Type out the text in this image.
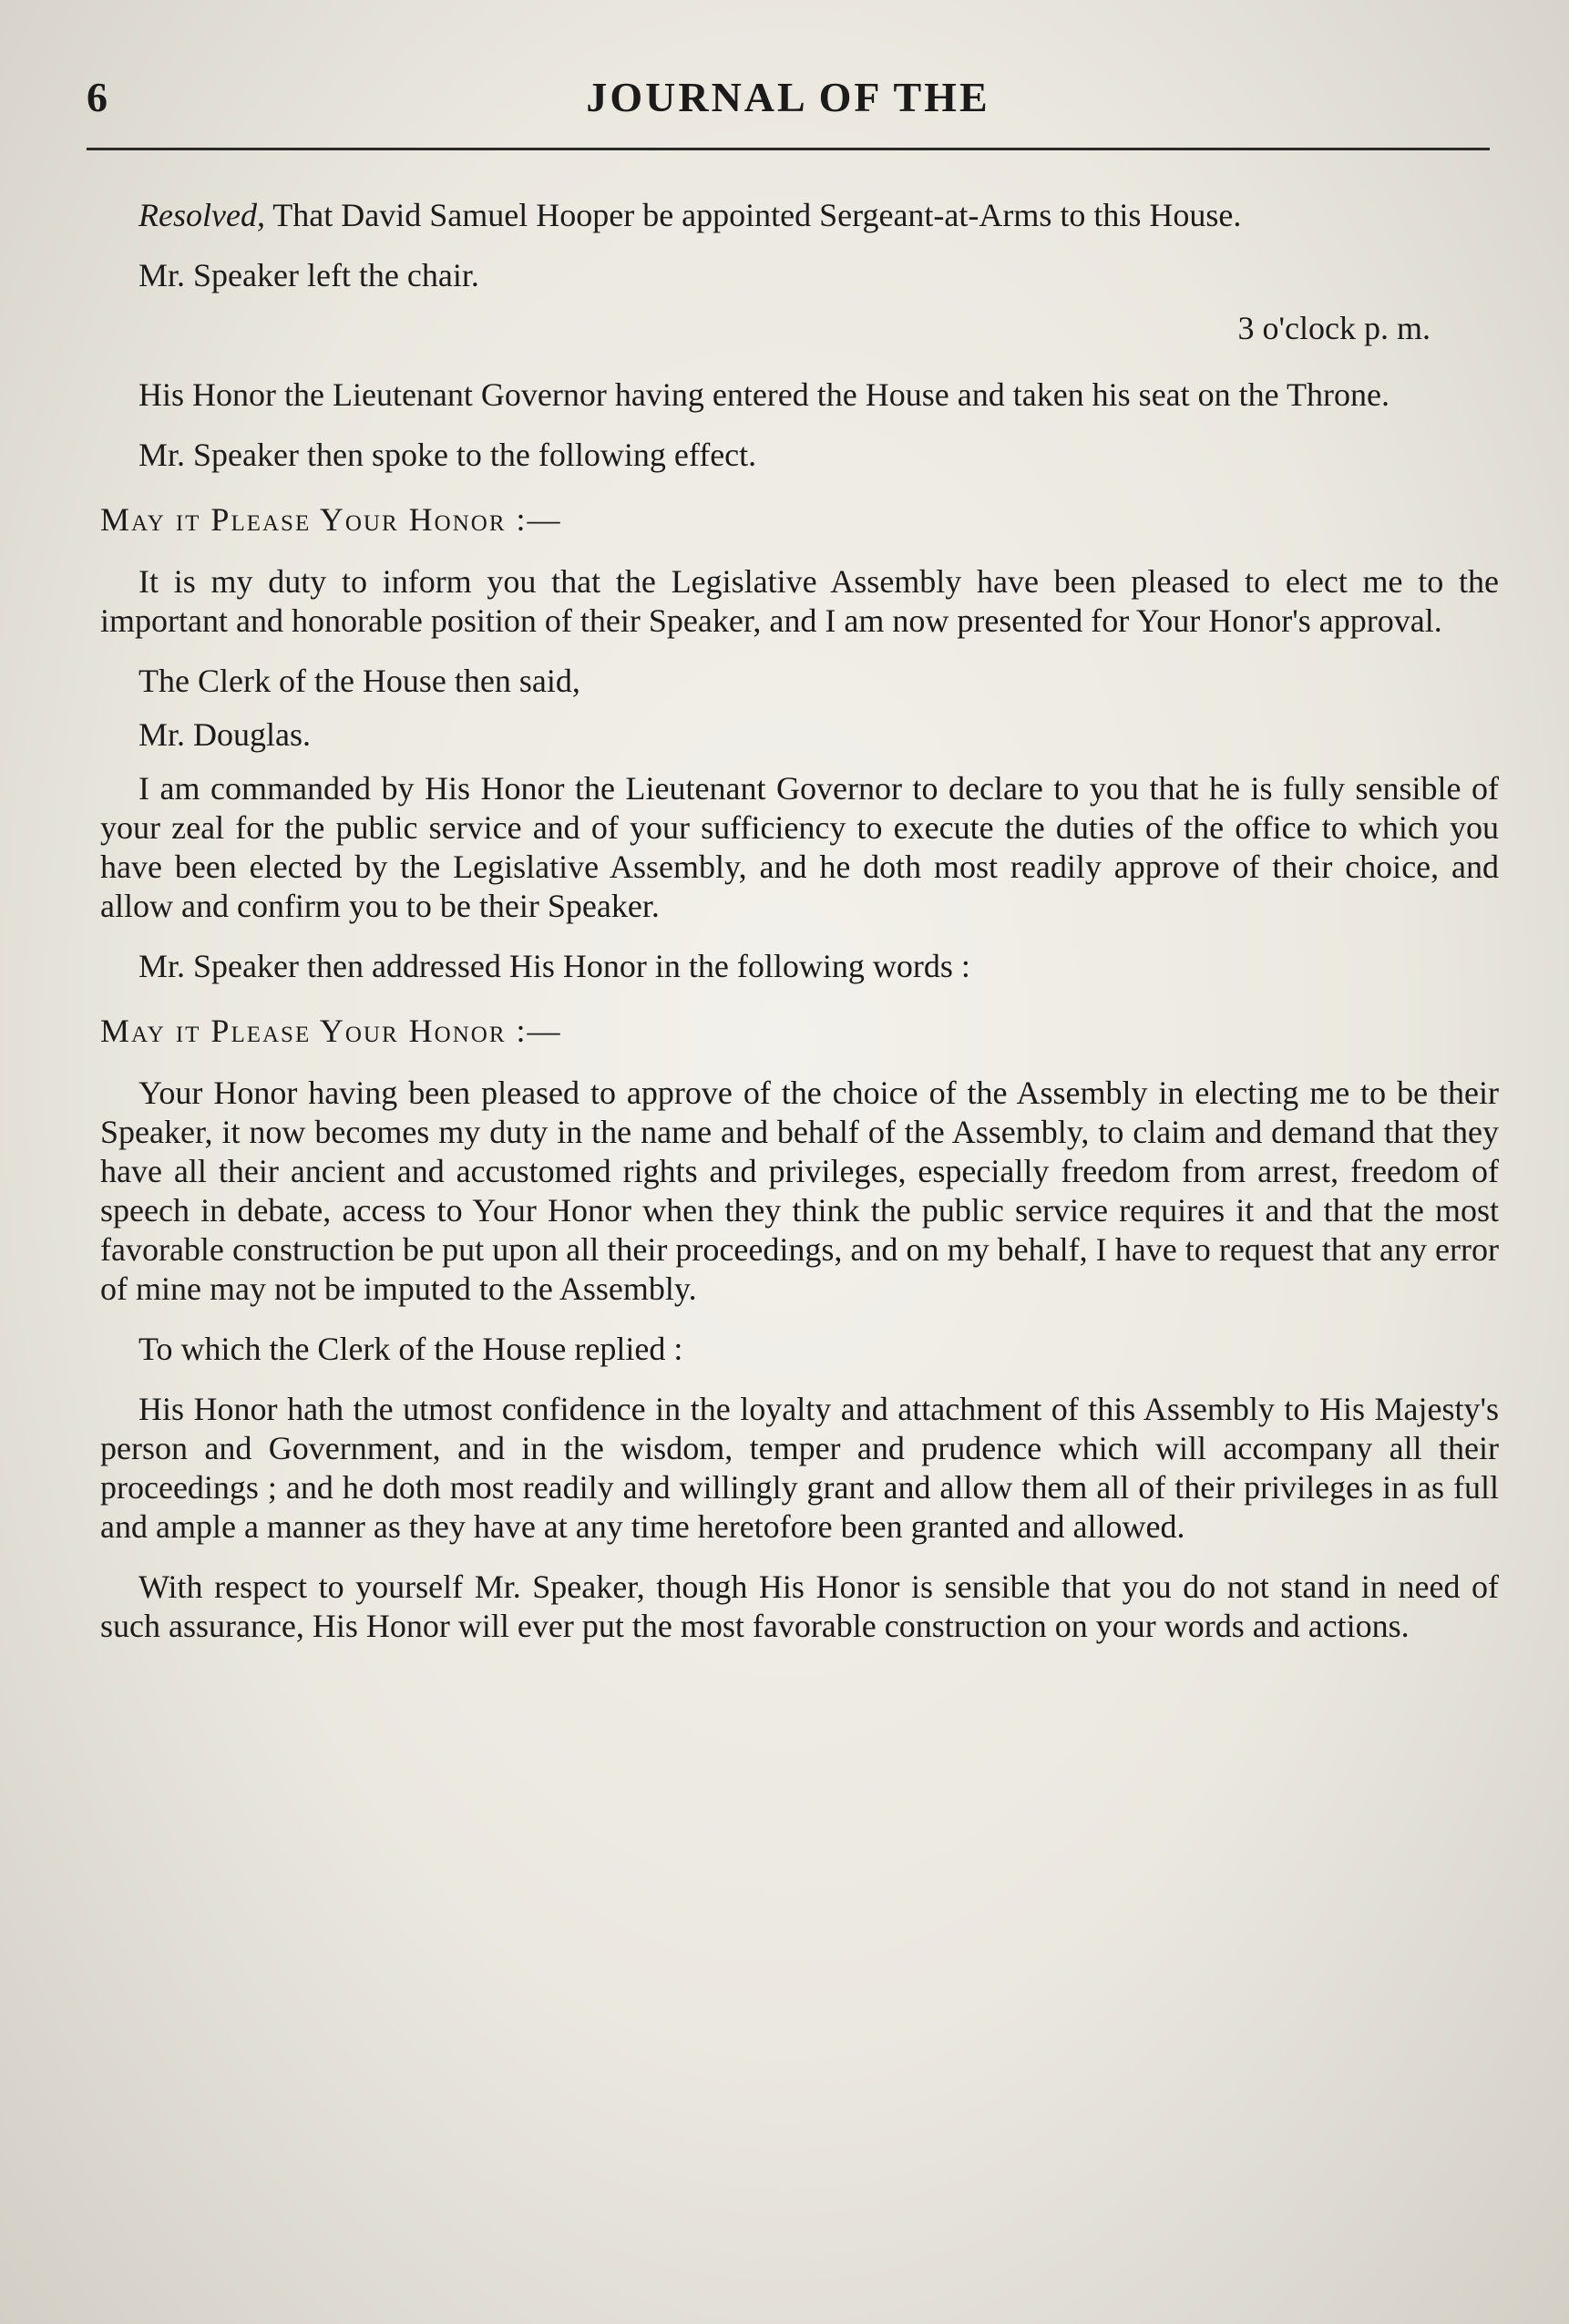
6	JOURNAL OF THE

Resolved, That David Samuel Hooper be appointed Sergeant-at-Arms to this House.

Mr. Speaker left the chair.

3 o'clock p. m.

His Honor the Lieutenant Governor having entered the House and taken his seat on the Throne.

Mr. Speaker then spoke to the following effect.

May it Please Your Honor :—

It is my duty to inform you that the Legislative Assembly have been pleased to elect me to the important and honorable position of their Speaker, and I am now presented for Your Honor's approval.

The Clerk of the House then said,

Mr. Douglas.

I am commanded by His Honor the Lieutenant Governor to declare to you that he is fully sensible of your zeal for the public service and of your sufficiency to execute the duties of the office to which you have been elected by the Legislative Assembly, and he doth most readily approve of their choice, and allow and confirm you to be their Speaker.

Mr. Speaker then addressed His Honor in the following words :

May it Please Your Honor :—

Your Honor having been pleased to approve of the choice of the Assembly in electing me to be their Speaker, it now becomes my duty in the name and behalf of the Assembly, to claim and demand that they have all their ancient and accustomed rights and privileges, especially freedom from arrest, freedom of speech in debate, access to Your Honor when they think the public service requires it and that the most favorable construction be put upon all their proceedings, and on my behalf, I have to request that any error of mine may not be imputed to the Assembly.

To which the Clerk of the House replied :

His Honor hath the utmost confidence in the loyalty and attachment of this Assembly to His Majesty's person and Government, and in the wisdom, temper and prudence which will accompany all their proceedings ; and he doth most readily and willingly grant and allow them all of their privileges in as full and ample a manner as they have at any time heretofore been granted and allowed.

With respect to yourself Mr. Speaker, though His Honor is sensible that you do not stand in need of such assurance, His Honor will ever put the most favorable construction on your words and actions.
